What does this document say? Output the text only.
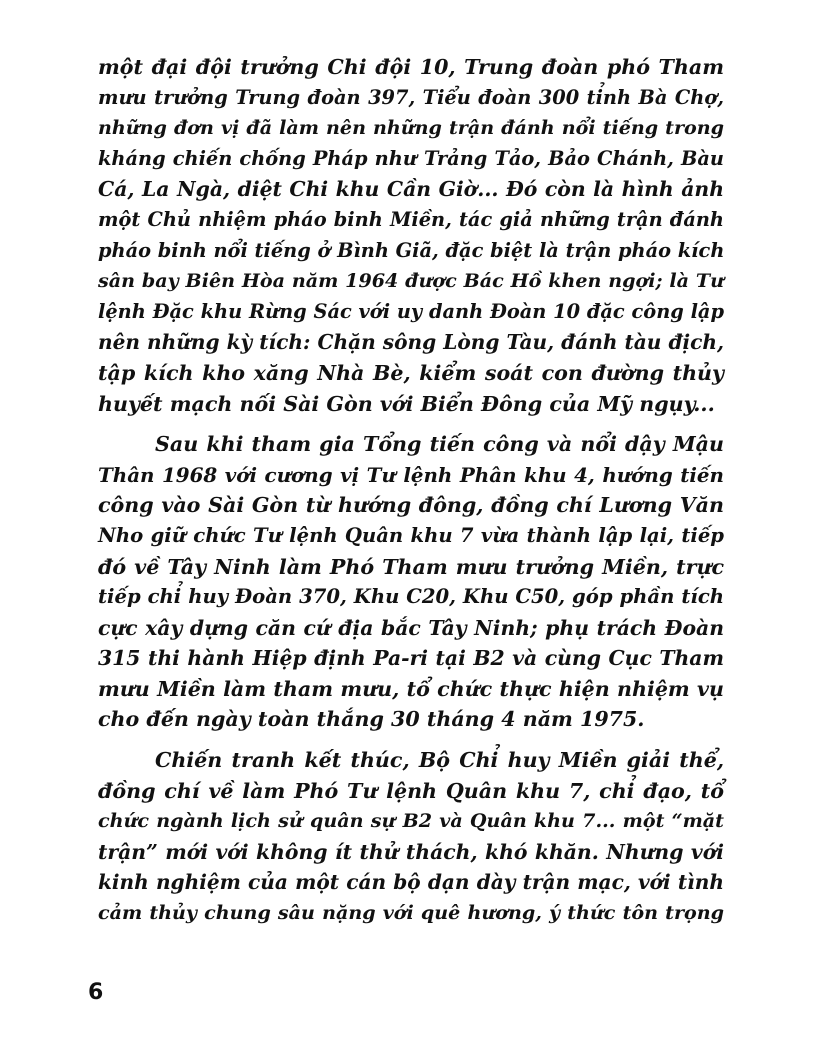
một đại đội trưởng Chi đội 10, Trung đoàn phó Tham
mưu trưởng Trung đoàn 397, Tiểu đoàn 300 tỉnh Bà Chợ,
những đơn vị đã làm nên những trận đánh nổi tiếng trong
kháng chiến chống Pháp như Trảng Tảo, Bảo Chánh, Bàu
Cá, La Ngà, diệt Chi khu Cần Giờ... Đó còn là hình ảnh
một Chủ nhiệm pháo binh Miền, tác giả những trận đánh
pháo binh nổi tiếng ở Bình Giã, đặc biệt là trận pháo kích
sân bay Biên Hòa năm 1964 được Bác Hồ khen ngợi; là Tư
lệnh Đặc khu Rừng Sác với uy danh Đoàn 10 đặc công lập
nên những kỳ tích: Chặn sông Lòng Tàu, đánh tàu địch,
tập kích kho xăng Nhà Bè, kiểm soát con đường thủy
huyết mạch nối Sài Gòn với Biển Đông của Mỹ ngụy...
Sau khi tham gia Tổng tiến công và nổi dậy Mậu
Thân 1968 với cương vị Tư lệnh Phân khu 4, hướng tiến
công vào Sài Gòn từ hướng đông, đồng chí Lương Văn
Nho giữ chức Tư lệnh Quân khu 7 vừa thành lập lại, tiếp
đó về Tây Ninh làm Phó Tham mưu trưởng Miền, trực
tiếp chỉ huy Đoàn 370, Khu C20, Khu C50, góp phần tích
cực xây dựng căn cứ địa bắc Tây Ninh; phụ trách Đoàn
315 thi hành Hiệp định Pa-ri tại B2 và cùng Cục Tham
mưu Miền làm tham mưu, tổ chức thực hiện nhiệm vụ
cho đến ngày toàn thắng 30 tháng 4 năm 1975.
Chiến tranh kết thúc, Bộ Chỉ huy Miền giải thể,
đồng chí về làm Phó Tư lệnh Quân khu 7, chỉ đạo, tổ
chức ngành lịch sử quân sự B2 và Quân khu 7... một “mặt
trận” mới với không ít thử thách, khó khăn. Nhưng với
kinh nghiệm của một cán bộ dạn dày trận mạc, với tình
cảm thủy chung sâu nặng với quê hương, ý thức tôn trọng
6
